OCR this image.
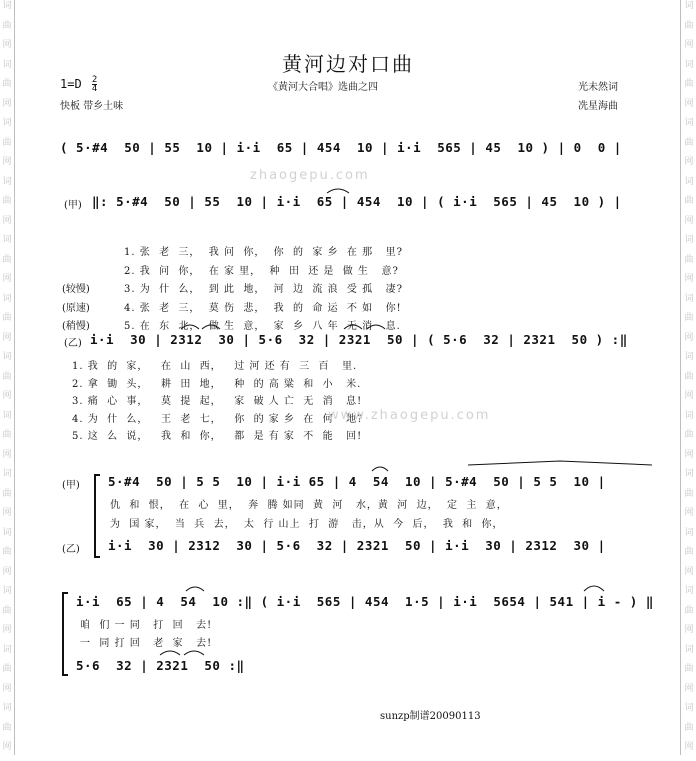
词
曲
网
词
曲
网
词
曲
网
词
曲
网
词
曲
网
词
曲
网
词
曲
网
词
曲
网
词
曲
网
词
曲
网
词
曲
网
词
曲
网
词
曲
网
词
曲
网
词
曲
网
词
曲
网
词
曲
网
词
曲
网
词
曲
网
词
曲
网
词
曲
网
词
曲
网
词
曲
网
词
曲
网
词
曲
网
词
曲
网
黄河边对口曲
$1=D \frac{2}{4}$
快板 带乡土味
《黄河大合唱》选曲之四	光未然词
冼星海曲
( 5·#4  50 | 55  10 | i·i  65 | 454  10 | i·i  565 | 45  10 ) | 0  0 |
zhaogepu.com
(甲) ‖: 5·#4  50 | 55  10 | i·i  65 | 454  10 | ( i·i  565 | 45  10 ) |
1. 张  老  三，  我 问  你，  你  的  家 乡  在 那   里?
2. 我  问  你，  在 家 里，  种  田  还 是  做 生   意?
(较慢)	3. 为  什  么，  到 此  地，  河  边  流 浪  受 孤   凄?
(原速)	4. 张  老  三，  莫 伤  悲，  我  的  命 运  不 如   你!
(稍慢)	5. 在  东  北，  做 生  意，  家  乡  八 年  无 消   息.
(乙) i·i  30 | 2312  30 | 5·6  32 | 2321  50 | ( 5·6  32 | 2321  50 ) :‖
1. 我  的  家，   在  山  西，   过 河 还 有  三  百   里.
2. 拿  锄  头，   耕  田  地，   种  的 高 粱  和  小   米.
3. 痛  心  事，   莫  提  起，   家  破 人 亡  无  消   息!
4. 为  什  么，   王  老  七，   你  的 家 乡  在  何   地?
5. 这  么  说，   我  和  你，   都  是 有 家  不  能   回!
www.zhaogepu.com
(甲) 5·#4  50 | 5 5  10 | i·i 65 | 4  54  10 | 5·#4  50 | 5 5  10 |
仇  和  恨，  在  心  里，  奔  腾 如同  黄  河   水，黄  河  边，  定  主  意，
为  国 家，  当  兵  去，  太  行 山上  打  游   击，从  今  后，  我  和  你，
(乙) i·i  30 | 2312  30 | 5·6  32 | 2321  50 | i·i  30 | 2312  30 |
i·i  65 | 4  54  10 :‖ ( i·i  565 | 454  1·5 | i·i  5654 | 541 | i - ) ‖
咱  们 一 同   打  回   去!
一  同 打 回   老  家   去!
5·6  32 | 2321  50 :‖
sunzp制谱20090113
